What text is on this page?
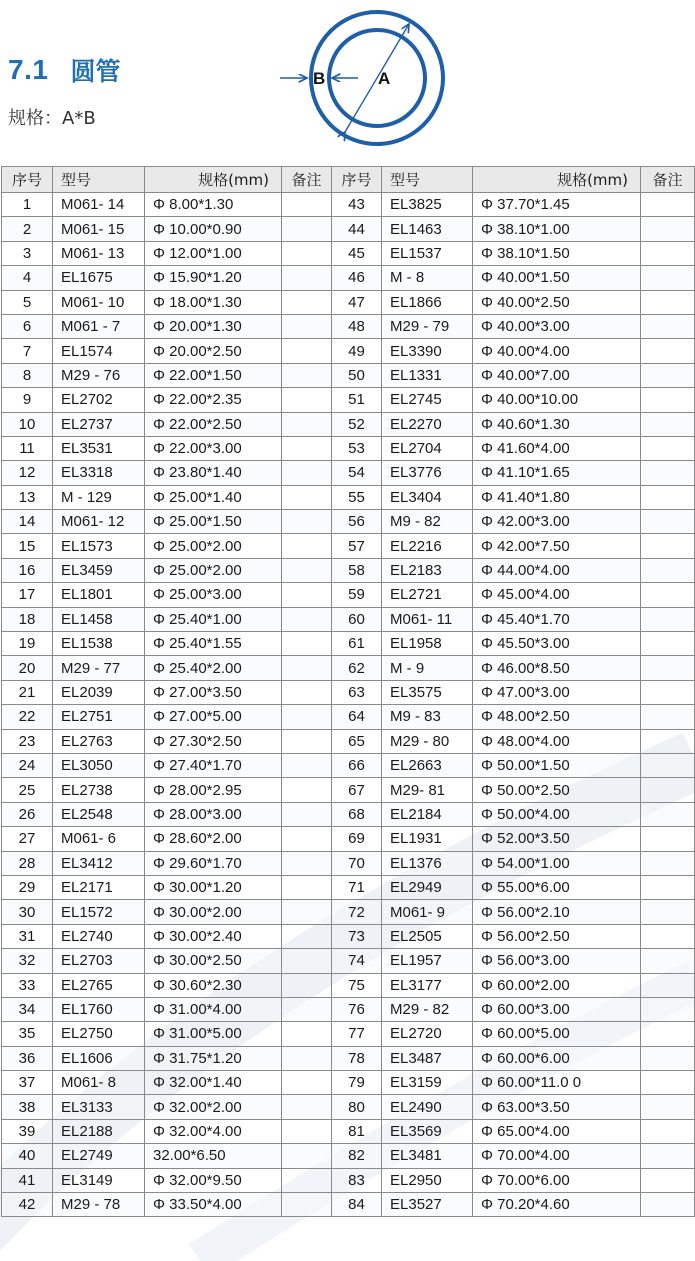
7.1 圆管
规格：A*B
B	A
序号	型号	规格(mm)	备注	序号	型号	规格(mm)	备注
1	M061- 14	Φ 8.00*1.30		43	EL3825	Φ 37.70*1.45	
2	M061- 15	Φ 10.00*0.90		44	EL1463	Φ 38.10*1.00	
3	M061- 13	Φ 12.00*1.00		45	EL1537	Φ 38.10*1.50	
4	EL1675	Φ 15.90*1.20		46	M - 8	Φ 40.00*1.50	
5	M061- 10	Φ 18.00*1.30		47	EL1866	Φ 40.00*2.50	
6	M061 - 7	Φ 20.00*1.30		48	M29 - 79	Φ 40.00*3.00	
7	EL1574	Φ 20.00*2.50		49	EL3390	Φ 40.00*4.00	
8	M29 - 76	Φ 22.00*1.50		50	EL1331	Φ 40.00*7.00	
9	EL2702	Φ 22.00*2.35		51	EL2745	Φ 40.00*10.00	
10	EL2737	Φ 22.00*2.50		52	EL2270	Φ 40.60*1.30	
11	EL3531	Φ 22.00*3.00		53	EL2704	Φ 41.60*4.00	
12	EL3318	Φ 23.80*1.40		54	EL3776	Φ 41.10*1.65	
13	M - 129	Φ 25.00*1.40		55	EL3404	Φ 41.40*1.80	
14	M061- 12	Φ 25.00*1.50		56	M9 - 82	Φ 42.00*3.00	
15	EL1573	Φ 25.00*2.00		57	EL2216	Φ 42.00*7.50	
16	EL3459	Φ 25.00*2.00		58	EL2183	Φ 44.00*4.00	
17	EL1801	Φ 25.00*3.00		59	EL2721	Φ 45.00*4.00	
18	EL1458	Φ 25.40*1.00		60	M061- 11	Φ 45.40*1.70	
19	EL1538	Φ 25.40*1.55		61	EL1958	Φ 45.50*3.00	
20	M29 - 77	Φ 25.40*2.00		62	M - 9	Φ 46.00*8.50	
21	EL2039	Φ 27.00*3.50		63	EL3575	Φ 47.00*3.00	
22	EL2751	Φ 27.00*5.00		64	M9 - 83	Φ 48.00*2.50	
23	EL2763	Φ 27.30*2.50		65	M29 - 80	Φ 48.00*4.00	
24	EL3050	Φ 27.40*1.70		66	EL2663	Φ 50.00*1.50	
25	EL2738	Φ 28.00*2.95		67	M29- 81	Φ 50.00*2.50	
26	EL2548	Φ 28.00*3.00		68	EL2184	Φ 50.00*4.00	
27	M061- 6	Φ 28.60*2.00		69	EL1931	Φ 52.00*3.50	
28	EL3412	Φ 29.60*1.70		70	EL1376	Φ 54.00*1.00	
29	EL2171	Φ 30.00*1.20		71	EL2949	Φ 55.00*6.00	
30	EL1572	Φ 30.00*2.00		72	M061- 9	Φ 56.00*2.10	
31	EL2740	Φ 30.00*2.40		73	EL2505	Φ 56.00*2.50	
32	EL2703	Φ 30.00*2.50		74	EL1957	Φ 56.00*3.00	
33	EL2765	Φ 30.60*2.30		75	EL3177	Φ 60.00*2.00	
34	EL1760	Φ 31.00*4.00		76	M29 - 82	Φ 60.00*3.00	
35	EL2750	Φ 31.00*5.00		77	EL2720	Φ 60.00*5.00	
36	EL1606	Φ 31.75*1.20		78	EL3487	Φ 60.00*6.00	
37	M061- 8	Φ 32.00*1.40		79	EL3159	Φ 60.00*11.0 0	
38	EL3133	Φ 32.00*2.00		80	EL2490	Φ 63.00*3.50	
39	EL2188	Φ 32.00*4.00		81	EL3569	Φ 65.00*4.00	
40	EL2749	32.00*6.50		82	EL3481	Φ 70.00*4.00	
41	EL3149	Φ 32.00*9.50		83	EL2950	Φ 70.00*6.00	
42	M29 - 78	Φ 33.50*4.00		84	EL3527	Φ 70.20*4.60	
